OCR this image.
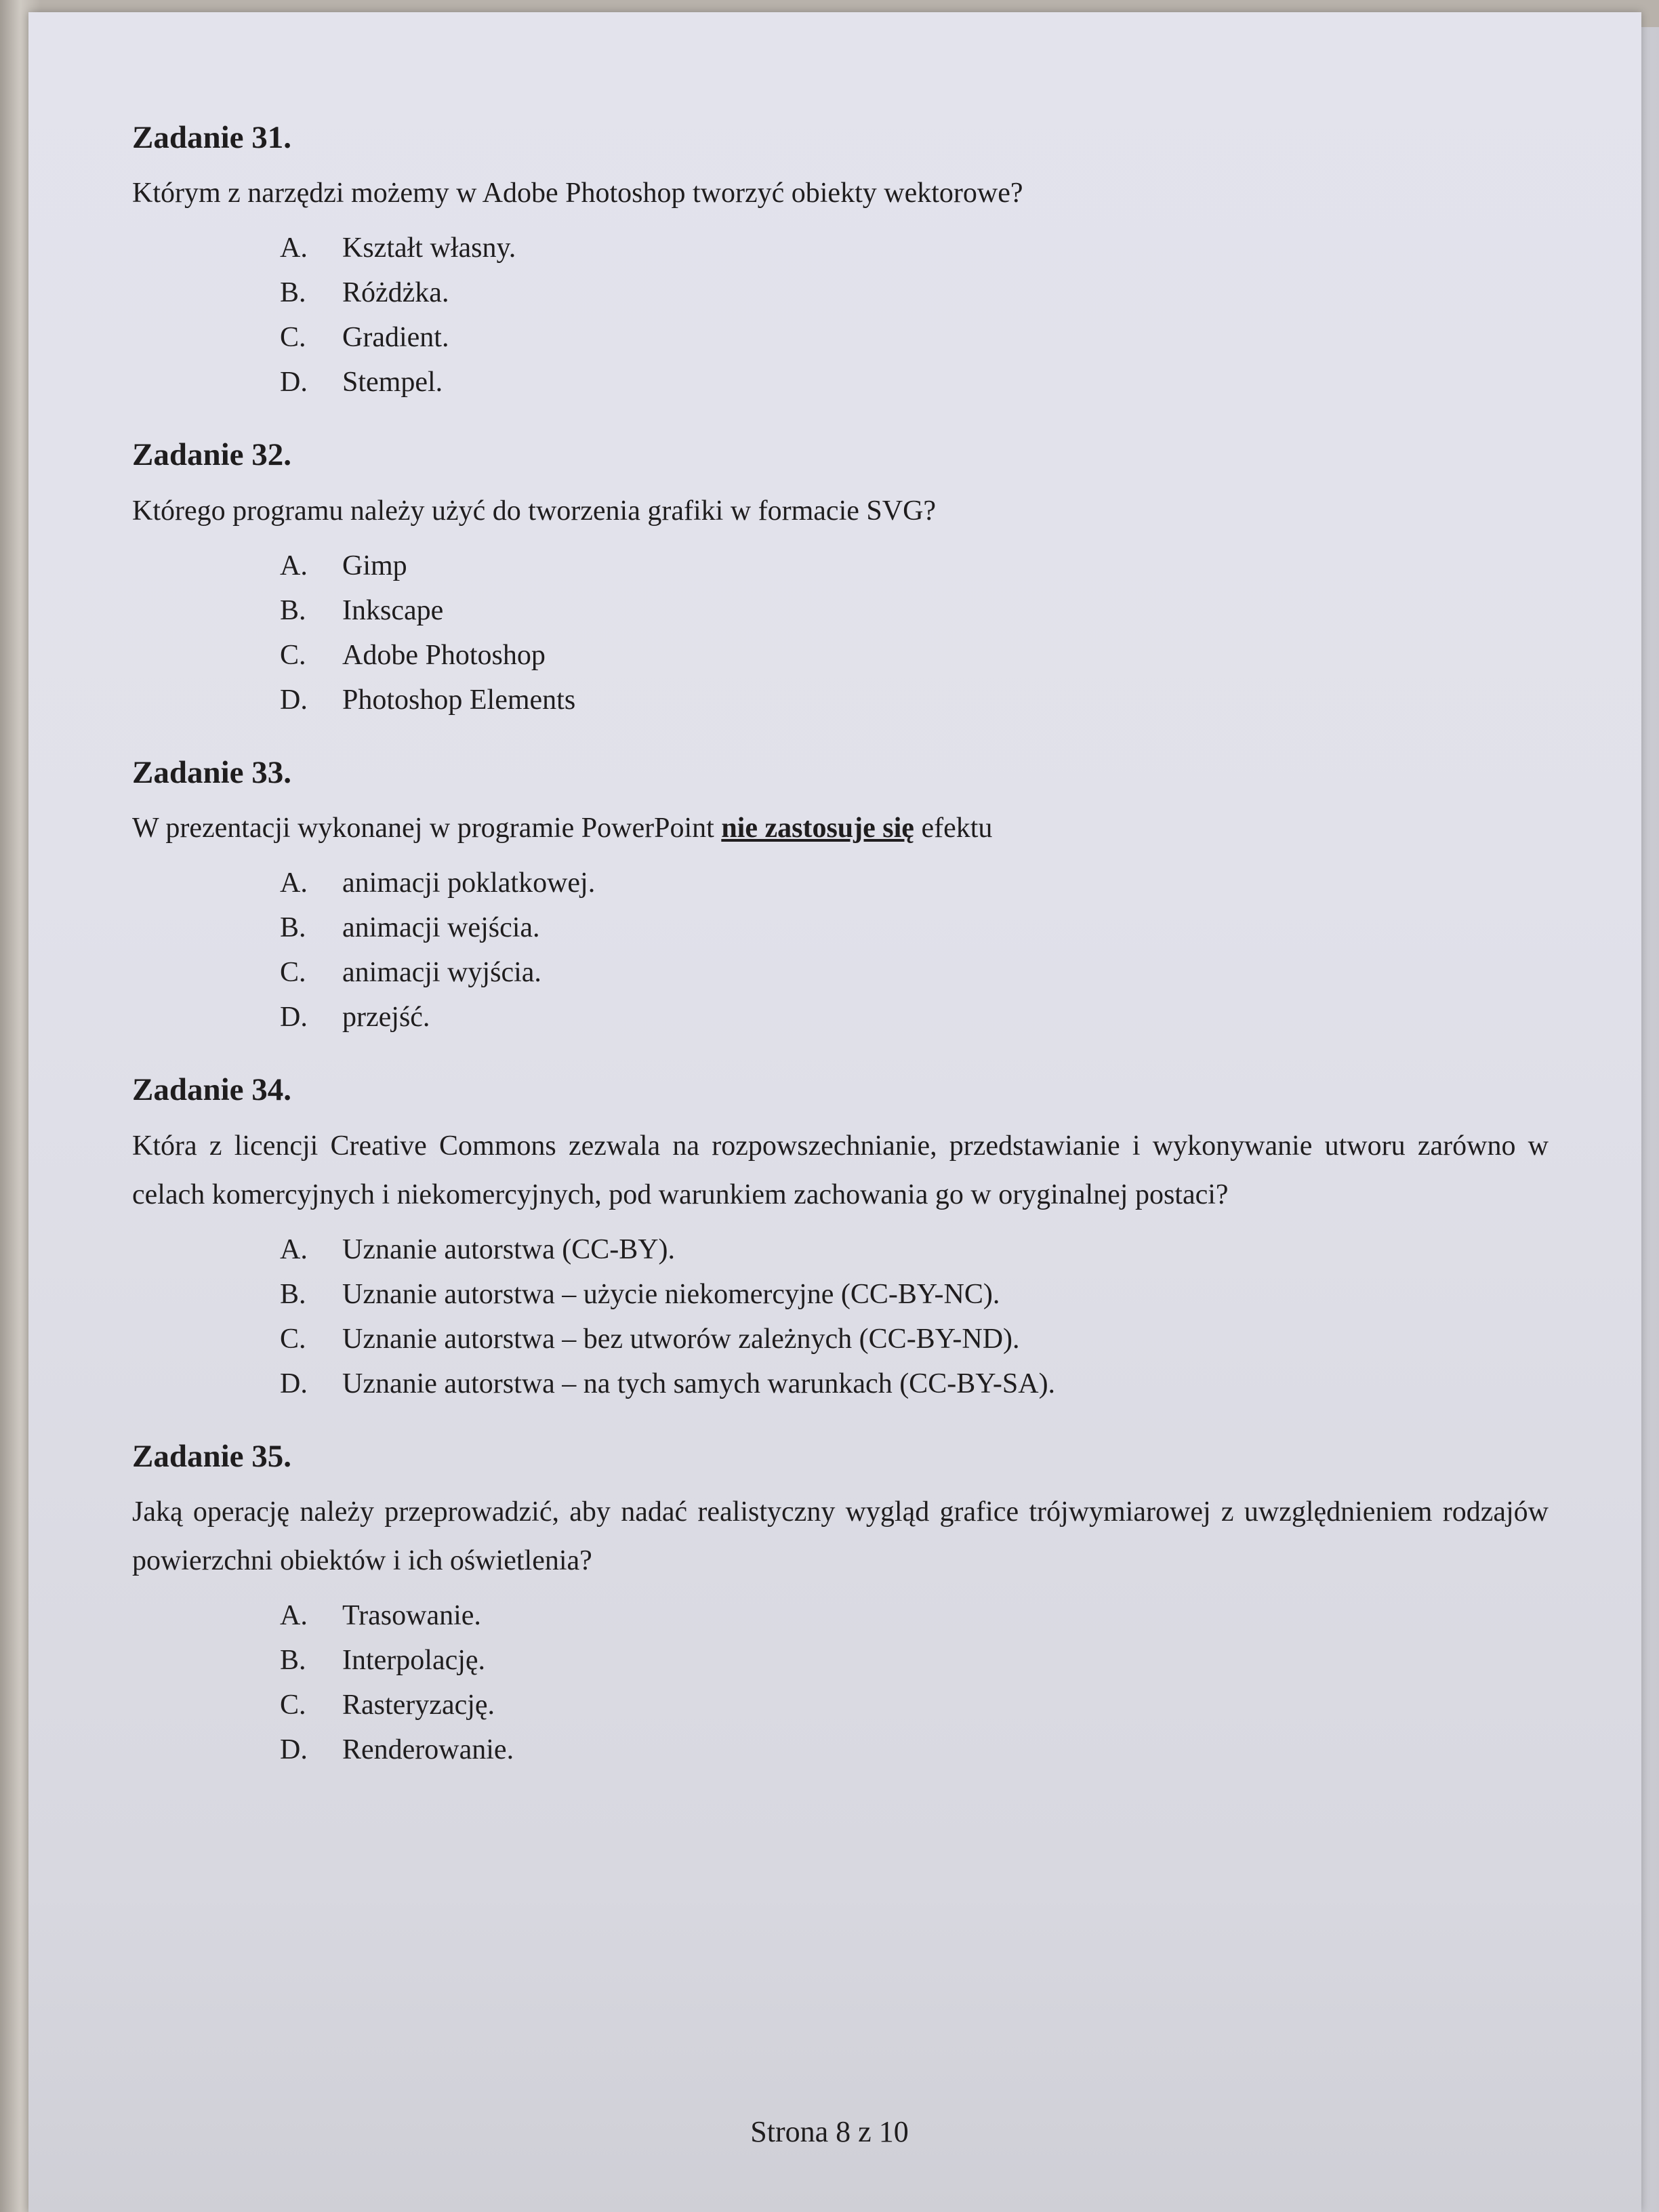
Zadanie 31.

Którym z narzędzi możemy w Adobe Photoshop tworzyć obiekty wektorowe?

A.	Kształt własny.
B.	Różdżka.
C.	Gradient.
D.	Stempel.
Zadanie 32.

Którego programu należy użyć do tworzenia grafiki w formacie SVG?

A.	Gimp
B.	Inkscape
C.	Adobe Photoshop
D.	Photoshop Elements
Zadanie 33.

W prezentacji wykonanej w programie PowerPoint nie zastosuje się efektu

A.	animacji poklatkowej.
B.	animacji wejścia.
C.	animacji wyjścia.
D.	przejść.
Zadanie 34.

Która z licencji Creative Commons zezwala na rozpowszechnianie, przedstawianie i wykonywanie utworu zarówno w celach komercyjnych i niekomercyjnych, pod warunkiem zachowania go w oryginalnej postaci?

A.	Uznanie autorstwa (CC-BY).
B.	Uznanie autorstwa – użycie niekomercyjne (CC-BY-NC).
C.	Uznanie autorstwa – bez utworów zależnych (CC-BY-ND).
D.	Uznanie autorstwa – na tych samych warunkach (CC-BY-SA).
Zadanie 35.

Jaką operację należy przeprowadzić, aby nadać realistyczny wygląd grafice trójwymiarowej z uwzględnieniem rodzajów powierzchni obiektów i ich oświetlenia?

A.	Trasowanie.
B.	Interpolację.
C.	Rasteryzację.
D.	Renderowanie.
Strona 8 z 10
